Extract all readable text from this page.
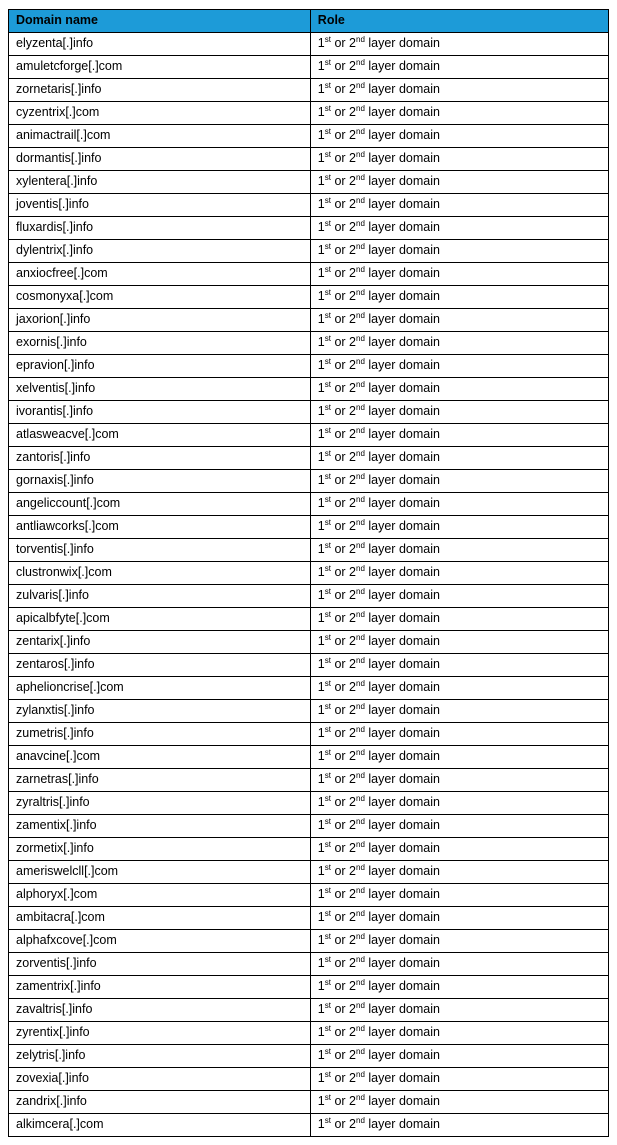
Domain name	Role
elyzenta[.]info	1st or 2nd layer domain
amuletcforge[.]com	1st or 2nd layer domain
zornetaris[.]info	1st or 2nd layer domain
cyzentrix[.]com	1st or 2nd layer domain
animactrail[.]com	1st or 2nd layer domain
dormantis[.]info	1st or 2nd layer domain
xylentera[.]info	1st or 2nd layer domain
joventis[.]info	1st or 2nd layer domain
fluxardis[.]info	1st or 2nd layer domain
dylentrix[.]info	1st or 2nd layer domain
anxiocfree[.]com	1st or 2nd layer domain
cosmonyxa[.]com	1st or 2nd layer domain
jaxorion[.]info	1st or 2nd layer domain
exornis[.]info	1st or 2nd layer domain
epravion[.]info	1st or 2nd layer domain
xelventis[.]info	1st or 2nd layer domain
ivorantis[.]info	1st or 2nd layer domain
atlasweacve[.]com	1st or 2nd layer domain
zantoris[.]info	1st or 2nd layer domain
gornaxis[.]info	1st or 2nd layer domain
angeliccount[.]com	1st or 2nd layer domain
antliawcorks[.]com	1st or 2nd layer domain
torventis[.]info	1st or 2nd layer domain
clustronwix[.]com	1st or 2nd layer domain
zulvaris[.]info	1st or 2nd layer domain
apicalbfyte[.]com	1st or 2nd layer domain
zentarix[.]info	1st or 2nd layer domain
zentaros[.]info	1st or 2nd layer domain
aphelioncrise[.]com	1st or 2nd layer domain
zylanxtis[.]info	1st or 2nd layer domain
zumetris[.]info	1st or 2nd layer domain
anavcine[.]com	1st or 2nd layer domain
zarnetras[.]info	1st or 2nd layer domain
zyraltris[.]info	1st or 2nd layer domain
zamentix[.]info	1st or 2nd layer domain
zormetix[.]info	1st or 2nd layer domain
ameriswelcll[.]com	1st or 2nd layer domain
alphoryx[.]com	1st or 2nd layer domain
ambitacra[.]com	1st or 2nd layer domain
alphafxcove[.]com	1st or 2nd layer domain
zorventis[.]info	1st or 2nd layer domain
zamentrix[.]info	1st or 2nd layer domain
zavaltris[.]info	1st or 2nd layer domain
zyrentix[.]info	1st or 2nd layer domain
zelytris[.]info	1st or 2nd layer domain
zovexia[.]info	1st or 2nd layer domain
zandrix[.]info	1st or 2nd layer domain
alkimcera[.]com	1st or 2nd layer domain
